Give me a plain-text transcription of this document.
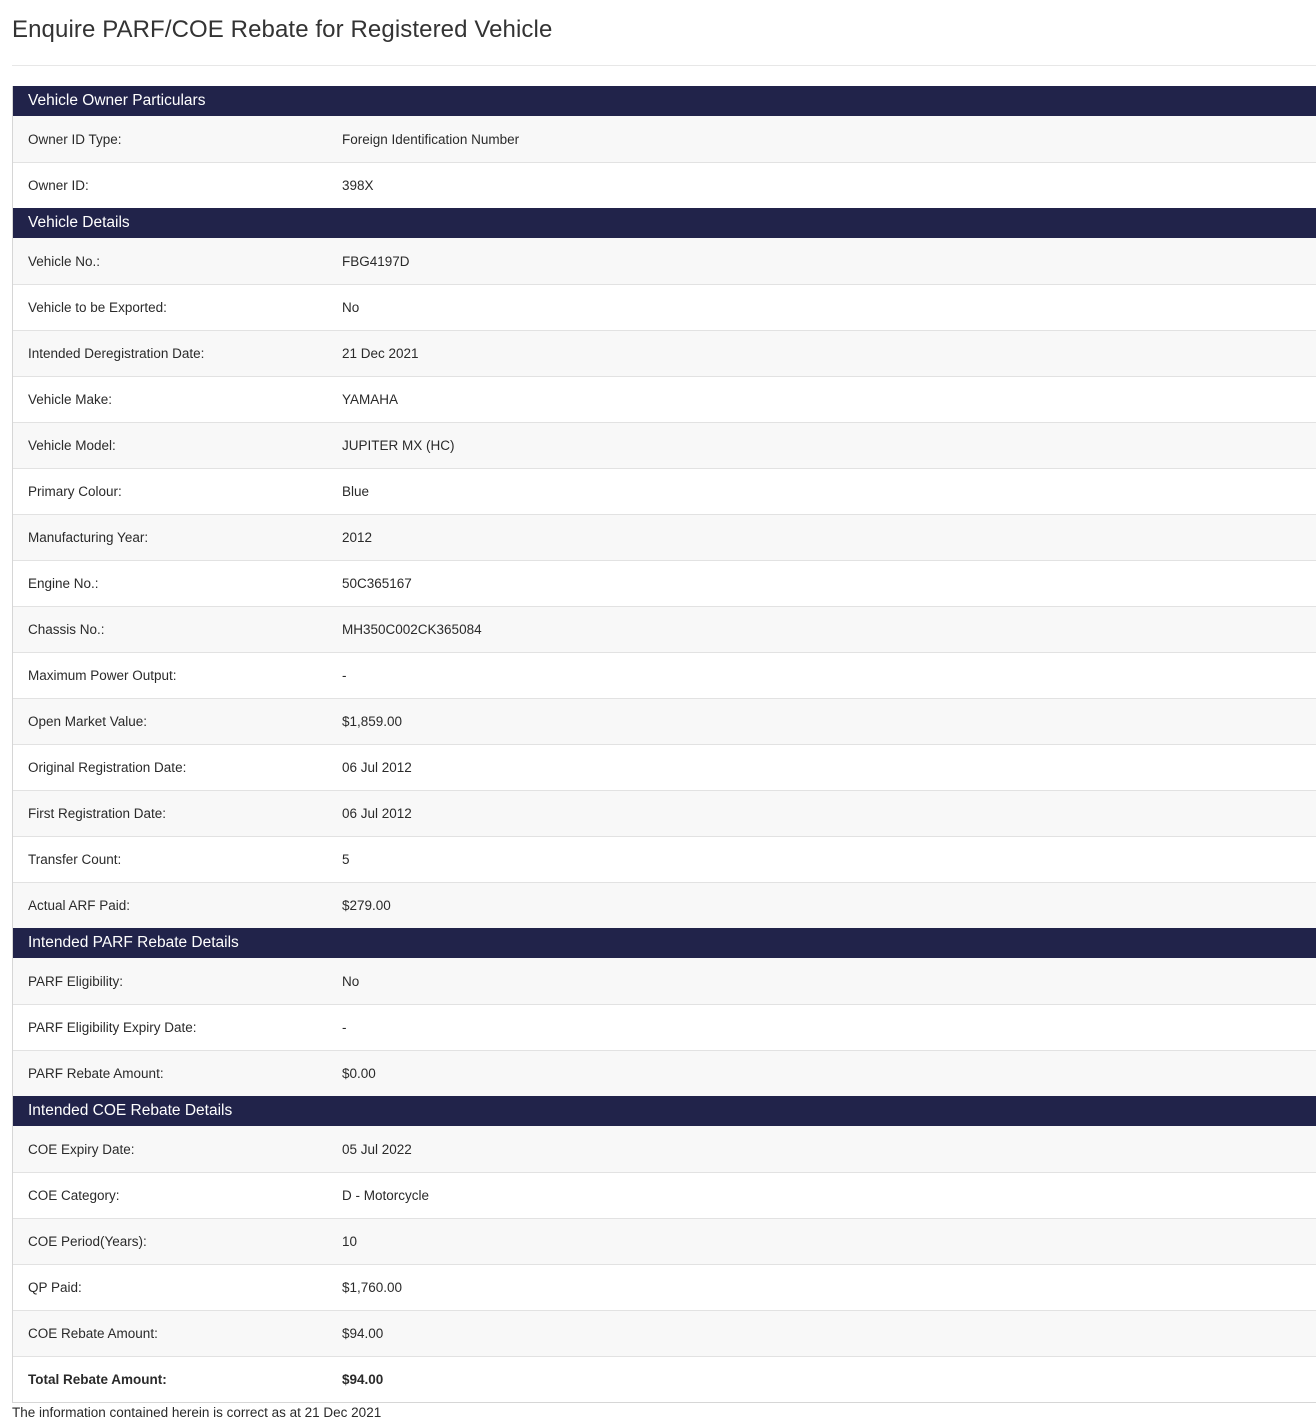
Enquire PARF/COE Rebate for Registered Vehicle
Vehicle Owner Particulars
Owner ID Type:	Foreign Identification Number
Owner ID:	398X
Vehicle Details
Vehicle No.:	FBG4197D
Vehicle to be Exported:	No
Intended Deregistration Date:	21 Dec 2021
Vehicle Make:	YAMAHA
Vehicle Model:	JUPITER MX (HC)
Primary Colour:	Blue
Manufacturing Year:	2012
Engine No.:	50C365167
Chassis No.:	MH350C002CK365084
Maximum Power Output:	-
Open Market Value:	$1,859.00
Original Registration Date:	06 Jul 2012
First Registration Date:	06 Jul 2012
Transfer Count:	5
Actual ARF Paid:	$279.00
Intended PARF Rebate Details
PARF Eligibility:	No
PARF Eligibility Expiry Date:	-
PARF Rebate Amount:	$0.00
Intended COE Rebate Details
COE Expiry Date:	05 Jul 2022
COE Category:	D - Motorcycle
COE Period(Years):	10
QP Paid:	$1,760.00
COE Rebate Amount:	$94.00
Total Rebate Amount:	$94.00
The information contained herein is correct as at 21 Dec 2021
